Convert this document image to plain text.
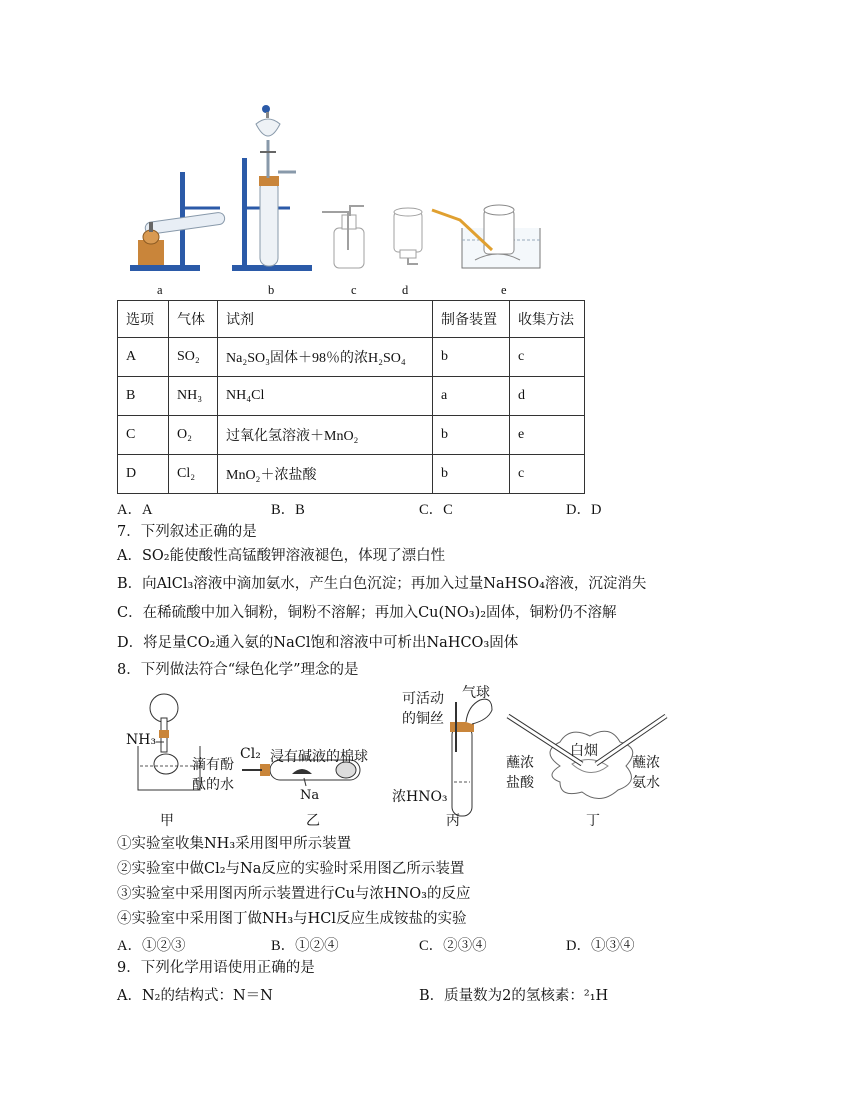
a	b	c	d	e
选项	气体	试剂	制备装置	收集方法
A	SO₂	Na₂SO₃固体＋98％的浓H₂SO₄	b	c
B	NH₃	NH₄Cl	a	d
C	O₂	过氧化氢溶液＋MnO₂	b	e
D	Cl₂	MnO₂＋浓盐酸	b	c
A．A	B．B	C．C	D．D
7．下列叙述正确的是
A．SO₂能使酸性高锰酸钾溶液褪色，体现了漂白性
B．向AlCl₃溶液中滴加氨水，产生白色沉淀；再加入过量NaHSO₄溶液，沉淀消失
C．在稀硫酸中加入铜粉，铜粉不溶解；再加入Cu(NO₃)₂固体，铜粉仍不溶解
D．将足量CO₂通入氨的NaCl饱和溶液中可析出NaHCO₃固体
8．下列做法符合“绿色化学”理念的是
NH₃
滴有酚
酞的水
甲
Cl₂ 浸有碱液的棉球
Na
乙
可活动
的铜丝
气球
浓HNO₃
丙
白烟
蘸浓
盐酸
蘸浓
氨水
丁
①实验室收集NH₃采用图甲所示装置
②实验室中做Cl₂与Na反应的实验时采用图乙所示装置
③实验室中采用图丙所示装置进行Cu与浓HNO₃的反应
④实验室中采用图丁做NH₃与HCl反应生成铵盐的实验
A．①②③	B．①②④	C．②③④	D．①③④
9．下列化学用语使用正确的是
A．N₂的结构式：N＝N	B．质量数为2的氢核素：²₁H
